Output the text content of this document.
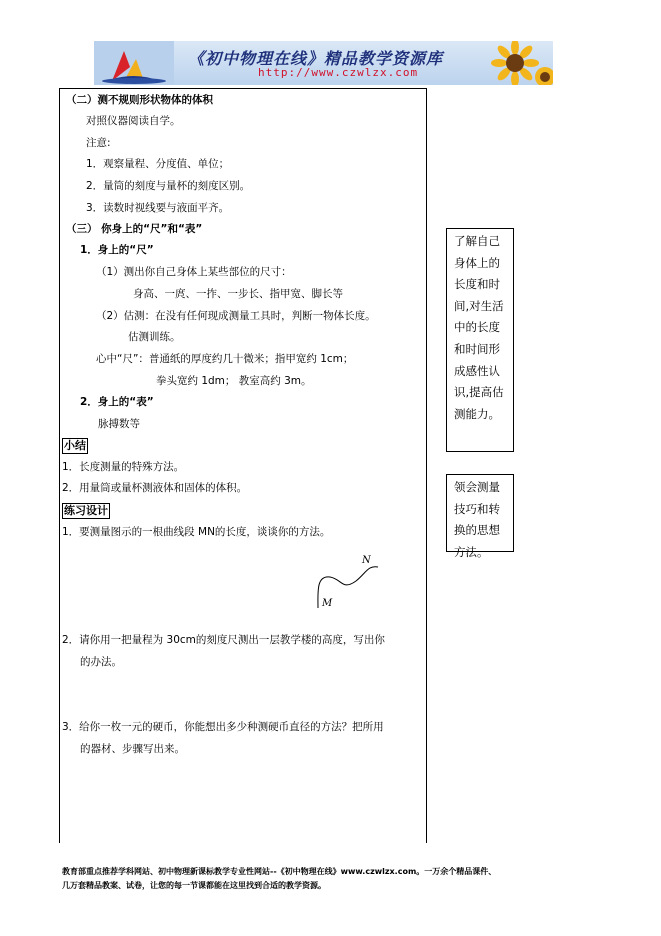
《初中物理在线》精品教学资源库
http://www.czwlzx.com
（二）测不规则形状物体的体积
对照仪器阅读自学。
注意:
1．观察量程、分度值、单位；
2．量筒的刻度与量杯的刻度区别。
3．读数时视线要与液面平齐。
（三） 你身上的“尺”和“表”
1．身上的“尺”
（1）测出你自己身体上某些部位的尺寸：
身高、一庹、一拃、一步长、指甲宽、脚长等
（2）估测：在没有任何现成测量工具时，判断一物体长度。
估测训练。
心中“尺”：普通纸的厚度约几十微米；指甲宽约 1cm；
拳头宽约 1dm； 教室高约 3m。
2．身上的“表”
脉搏数等
小结
1．长度测量的特殊方法。
2．用量筒或量杯测液体和固体的体积。
练习设计
1．要测量图示的一根曲线段 MN的长度，谈谈你的方法。
N
M
2．请你用一把量程为 30cm的刻度尺测出一层教学楼的高度，写出你
的办法。
3．给你一枚一元的硬币，你能想出多少种测硬币直径的方法？把所用
的器材、步骤写出来。
了解自己身体上的长度和时间,对生活中的长度和时间形成感性认识,提高估测能力。
领会测量技巧和转换的思想方法。
教育部重点推荐学科网站、初中物理新课标教学专业性网站--《初中物理在线》www.czwlzx.com。一万余个精品课件、
几万套精品教案、试卷，让您的每一节课都能在这里找到合适的教学资源。
